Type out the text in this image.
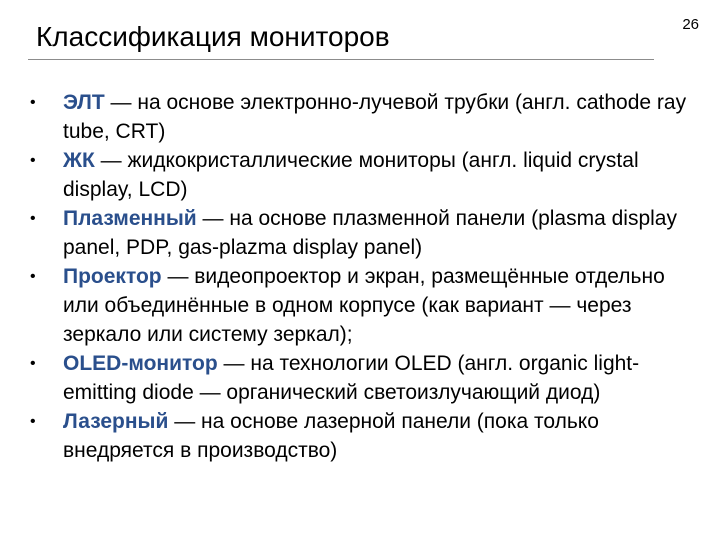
Классификация мониторов	26
• ЭЛТ — на основе электронно-лучевой трубки (англ. cathode ray tube, CRT)
• ЖК — жидкокристаллические мониторы (англ. liquid crystal display, LCD)
• Плазменный — на основе плазменной панели (plasma display panel, PDP, gas-plazma display panel)
• Проектор — видеопроектор и экран, размещённые отдельно или объединённые в одном корпусе (как вариант — через зеркало или систему зеркал);
• OLED-монитор — на технологии OLED (англ. organic light-emitting diode — органический светоизлучающий диод)
• Лазерный — на основе лазерной панели (пока только внедряется в производство)
